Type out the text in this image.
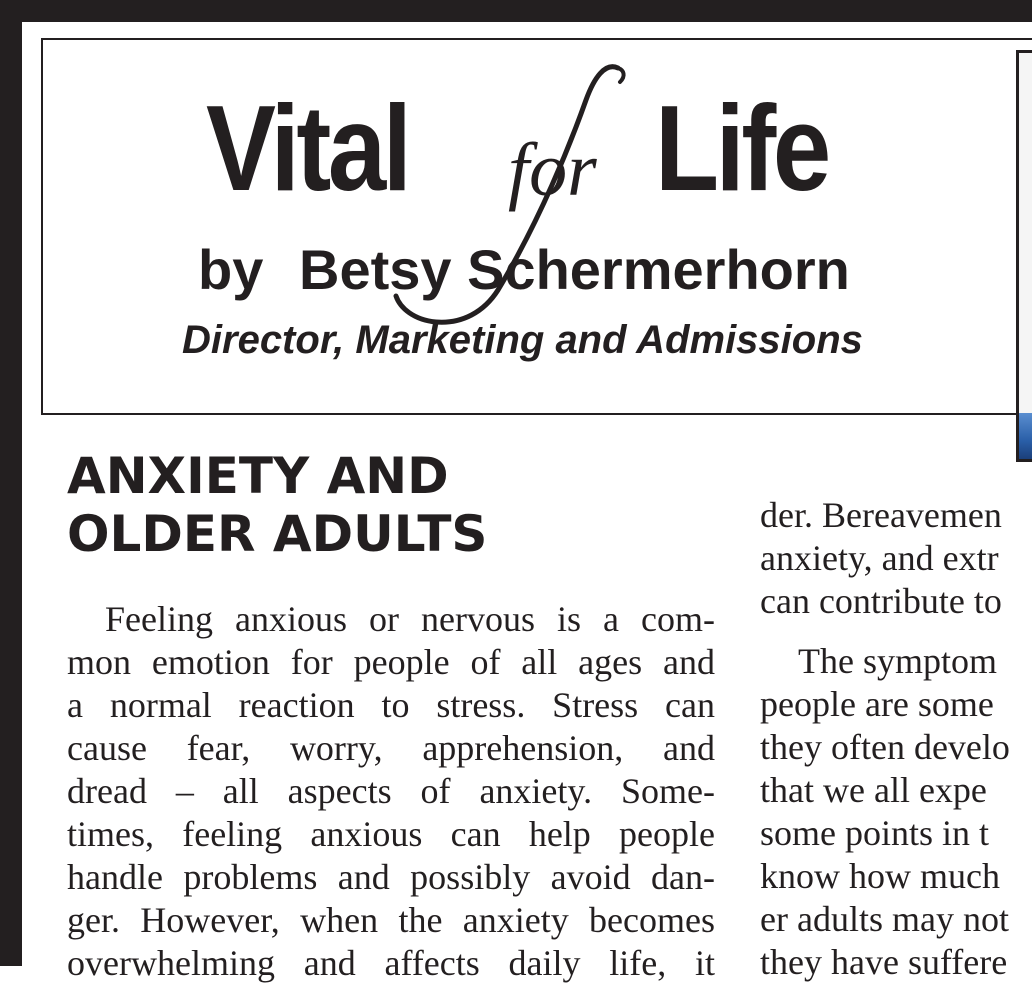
Vital for Life
by Betsy Schermerhorn
Director, Marketing and Admissions
ANXIETY AND
OLDER ADULTS
Feeling anxious or nervous is a com-
mon emotion for people of all ages and
a normal reaction to stress. Stress can
cause fear, worry, apprehension, and
dread – all aspects of anxiety. Some-
times, feeling anxious can help people
handle problems and possibly avoid dan-
ger. However, when the anxiety becomes
overwhelming and affects daily life, it
der. Bereavemen
anxiety, and extr
can contribute to
The symptom
people are some
they often develo
that we all expe
some points in t
know how much
er adults may not
they have suffere
